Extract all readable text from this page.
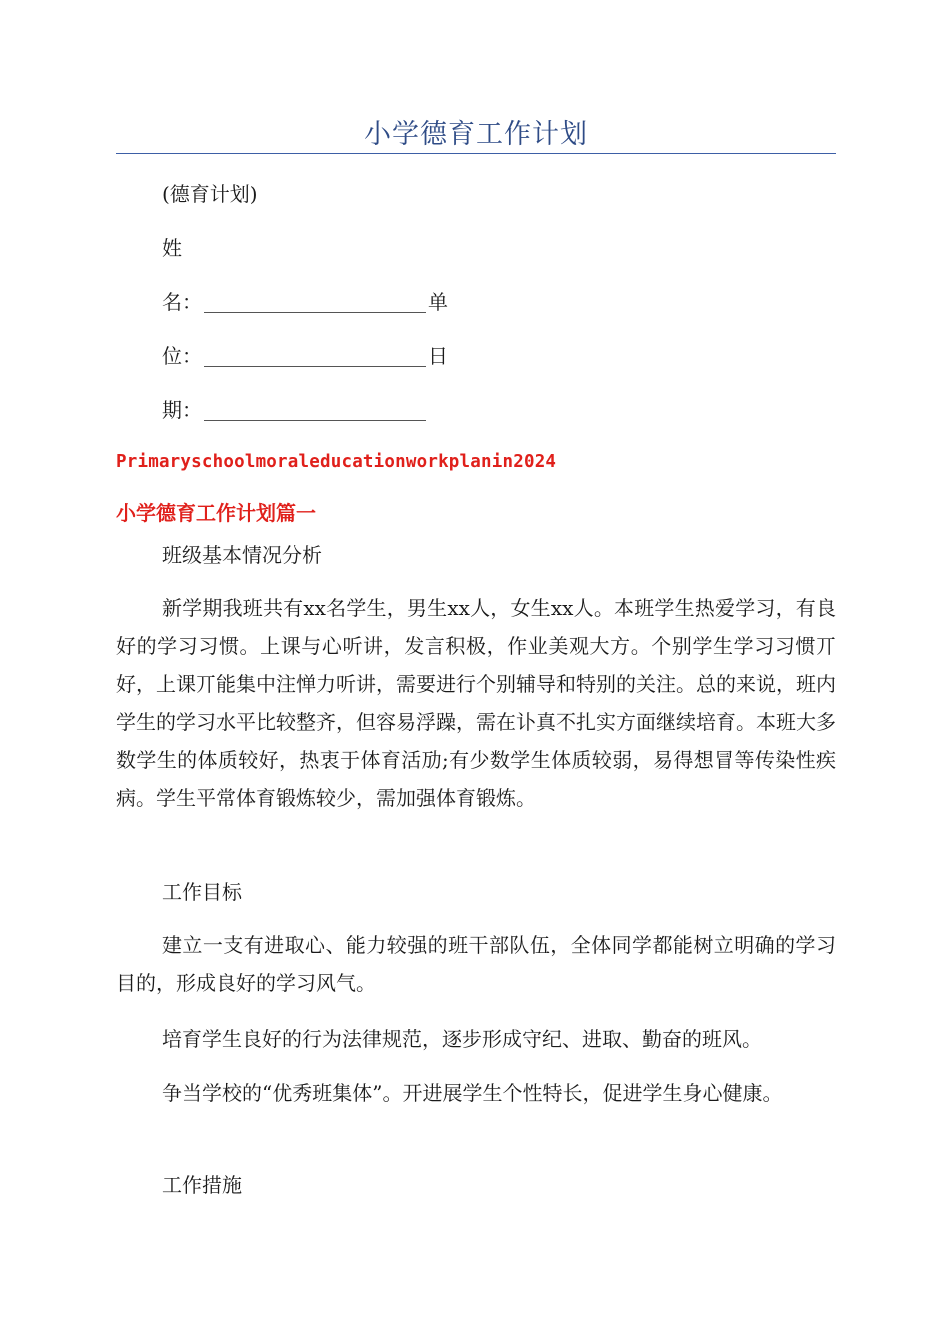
小学德育工作计划
(德育计划)
姓
名：	单
位：	日
期：
Primaryschoolmoraleducationworkplanin2024
小学德育工作计划篇一
班级基本情况分析

新学期我班共有xx名学生，男生xx人，女生xx人。本班学生热爱学习，有良好的学习习惯。上课与心听讲，发言积极，作业美观大方。个别学生学习习惯丌好，上课丌能集中注惮力听讲，需要进行个别辅导和特别的关注。总的来说，班内学生的学习水平比较整齐，但容易浮躁，需在讣真不扎实方面继续培育。本班大多数学生的体质较好，热衷于体育活劢;有少数学生体质较弱，易得想冒等传染性疾病。学生平常体育锻炼较少，需加强体育锻炼。

工作目标

建立一支有进取心、能力较强的班干部队伍，全体同学都能树立明确的学习目的，形成良好的学习风气。

培育学生良好的行为法律规范，逐步形成守纪、进取、勤奋的班风。

争当学校的“优秀班集体”。开进展学生个性特长，促进学生身心健康。

工作措施
